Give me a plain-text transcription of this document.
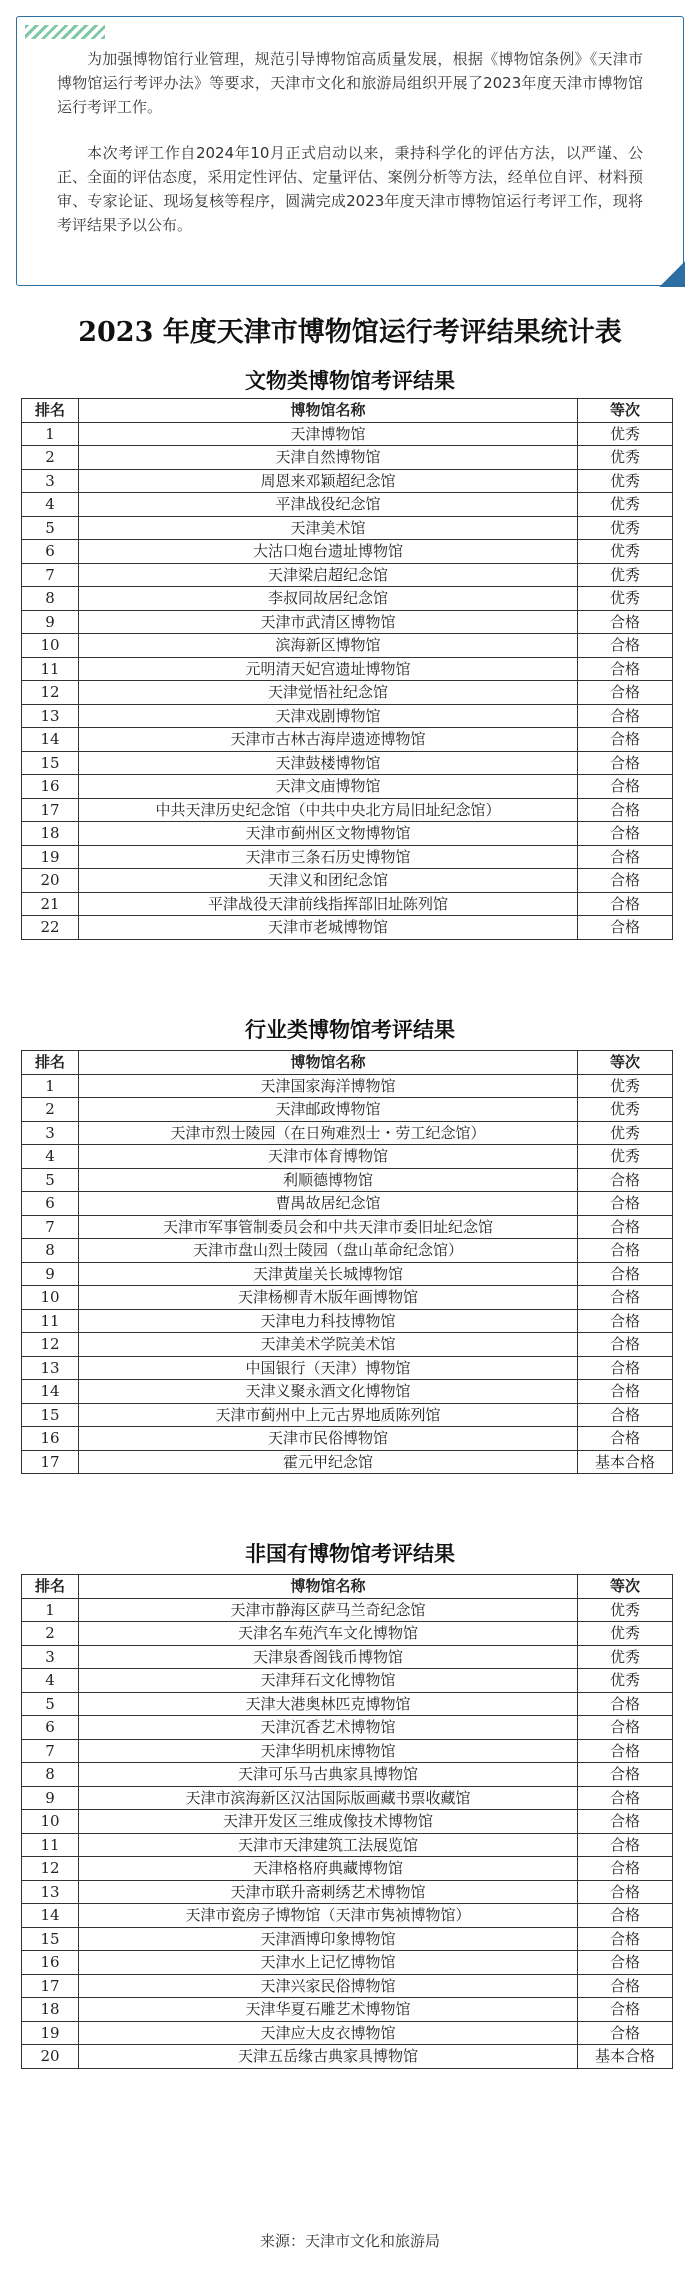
为加强博物馆行业管理，规范引导博物馆高质量发展，根据《博物馆条例》《天津市博物馆运行考评办法》等要求，天津市文化和旅游局组织开展了2023年度天津市博物馆运行考评工作。

本次考评工作自2024年10月正式启动以来，秉持科学化的评估方法，以严谨、公正、全面的评估态度，采用定性评估、定量评估、案例分析等方法，经单位自评、材料预审、专家论证、现场复核等程序，圆满完成2023年度天津市博物馆运行考评工作，现将考评结果予以公布。

2023 年度天津市博物馆运行考评结果统计表
文物类博物馆考评结果
排名	博物馆名称	等次
1	天津博物馆	优秀
2	天津自然博物馆	优秀
3	周恩来邓颖超纪念馆	优秀
4	平津战役纪念馆	优秀
5	天津美术馆	优秀
6	大沽口炮台遗址博物馆	优秀
7	天津梁启超纪念馆	优秀
8	李叔同故居纪念馆	优秀
9	天津市武清区博物馆	合格
10	滨海新区博物馆	合格
11	元明清天妃宫遗址博物馆	合格
12	天津觉悟社纪念馆	合格
13	天津戏剧博物馆	合格
14	天津市古林古海岸遗迹博物馆	合格
15	天津鼓楼博物馆	合格
16	天津文庙博物馆	合格
17	中共天津历史纪念馆（中共中央北方局旧址纪念馆）	合格
18	天津市蓟州区文物博物馆	合格
19	天津市三条石历史博物馆	合格
20	天津义和团纪念馆	合格
21	平津战役天津前线指挥部旧址陈列馆	合格
22	天津市老城博物馆	合格
行业类博物馆考评结果
排名	博物馆名称	等次
1	天津国家海洋博物馆	优秀
2	天津邮政博物馆	优秀
3	天津市烈士陵园（在日殉难烈士・劳工纪念馆）	优秀
4	天津市体育博物馆	优秀
5	利顺德博物馆	合格
6	曹禺故居纪念馆	合格
7	天津市军事管制委员会和中共天津市委旧址纪念馆	合格
8	天津市盘山烈士陵园（盘山革命纪念馆）	合格
9	天津黄崖关长城博物馆	合格
10	天津杨柳青木版年画博物馆	合格
11	天津电力科技博物馆	合格
12	天津美术学院美术馆	合格
13	中国银行（天津）博物馆	合格
14	天津义聚永酒文化博物馆	合格
15	天津市蓟州中上元古界地质陈列馆	合格
16	天津市民俗博物馆	合格
17	霍元甲纪念馆	基本合格
非国有博物馆考评结果
排名	博物馆名称	等次
1	天津市静海区萨马兰奇纪念馆	优秀
2	天津名车苑汽车文化博物馆	优秀
3	天津泉香阁钱币博物馆	优秀
4	天津拜石文化博物馆	优秀
5	天津大港奥林匹克博物馆	合格
6	天津沉香艺术博物馆	合格
7	天津华明机床博物馆	合格
8	天津可乐马古典家具博物馆	合格
9	天津市滨海新区汉沽国际版画藏书票收藏馆	合格
10	天津开发区三维成像技术博物馆	合格
11	天津市天津建筑工法展览馆	合格
12	天津格格府典藏博物馆	合格
13	天津市联升斋刺绣艺术博物馆	合格
14	天津市瓷房子博物馆（天津市隽祯博物馆）	合格
15	天津酒博印象博物馆	合格
16	天津水上记忆博物馆	合格
17	天津兴家民俗博物馆	合格
18	天津华夏石雕艺术博物馆	合格
19	天津应大皮衣博物馆	合格
20	天津五岳缘古典家具博物馆	基本合格
来源：天津市文化和旅游局
